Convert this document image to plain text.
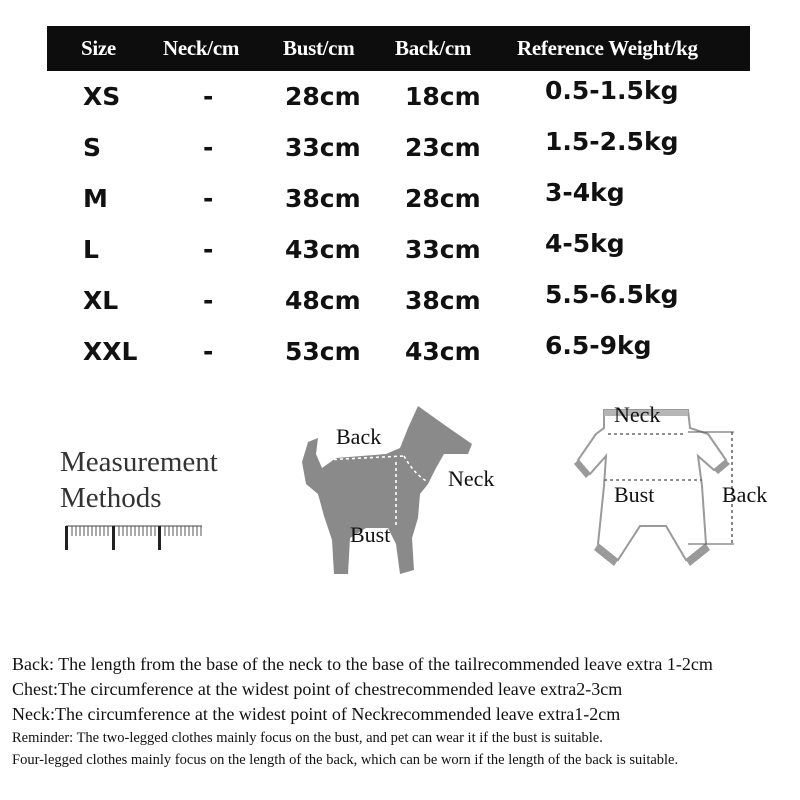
Size Neck/cm Bust/cm Back/cm Reference Weight/kg
XS	-	28cm 18cm	0.5-1.5kg
S	-	33cm 23cm	1.5-2.5kg
M	-	38cm 28cm	3-4kg
L	-	43cm 33cm	4-5kg
XL	-	48cm 38cm	5.5-6.5kg
XXL	-	53cm 43cm	6.5-9kg
Measurement
Methods
Back
Neck
Bust
Neck
Bust	Back

Back: The length from the base of the neck to the base of the tailrecommended leave extra 1-2cm

Chest:The circumference at the widest point of chestrecommended leave extra2-3cm

Neck:The circumference at the widest point of Neckrecommended leave extra1-2cm

Reminder: The two-legged clothes mainly focus on the bust, and pet can wear it if the bust is suitable.

Four-legged clothes mainly focus on the length of the back, which can be worn if the length of the back is suitable.
